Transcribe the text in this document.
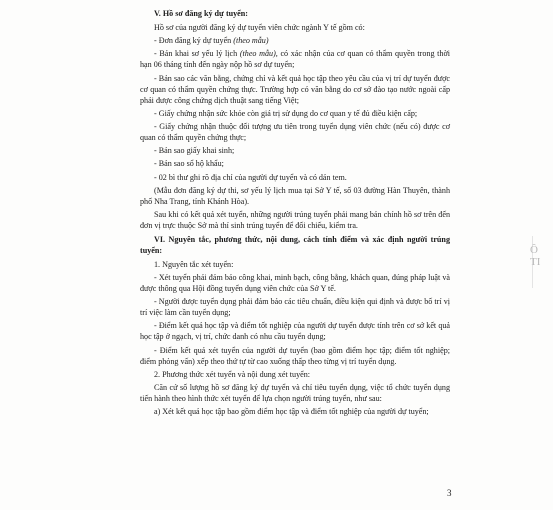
V. Hồ sơ đăng ký dự tuyển:

Hồ sơ của người đăng ký dự tuyển viên chức ngành Y tế gồm có:

- Đơn đăng ký dự tuyển (theo mẫu)

- Bản khai sơ yếu lý lịch (theo mẫu), có xác nhận của cơ quan có thẩm quyền trong thời hạn 06 tháng tính đến ngày nộp hồ sơ dự tuyển;

- Bản sao các văn bằng, chứng chỉ và kết quả học tập theo yêu cầu của vị trí dự tuyển được cơ quan có thẩm quyền chứng thực. Trường hợp có văn bằng do cơ sở đào tạo nước ngoài cấp phải được công chứng dịch thuật sang tiếng Việt;

- Giấy chứng nhận sức khỏe còn giá trị sử dụng do cơ quan y tế đủ điều kiện cấp;

- Giấy chứng nhận thuộc đối tượng ưu tiên trong tuyển dụng viên chức (nếu có) được cơ quan có thẩm quyền chứng thực;

- Bản sao giấy khai sinh;

- Bản sao sổ hộ khẩu;

- 02 bì thư ghi rõ địa chỉ của người dự tuyển và có dán tem.

(Mẫu đơn đăng ký dự thi, sơ yếu lý lịch mua tại Sở Y tế, số 03 đường Hàn Thuyên, thành phố Nha Trang, tỉnh Khánh Hòa).

Sau khi có kết quả xét tuyển, những người trúng tuyển phải mang bản chính hồ sơ trên đến đơn vị trực thuộc Sở mà thí sinh trúng tuyển để đối chiếu, kiểm tra.

VI. Nguyên tắc, phương thức, nội dung, cách tính điểm và xác định người trúng tuyển:

1. Nguyên tắc xét tuyển:

- Xét tuyển phải đảm bảo công khai, minh bạch, công bằng, khách quan, đúng pháp luật và được thông qua Hội đồng tuyển dụng viên chức của Sở Y tế.

- Người được tuyển dụng phải đảm bảo các tiêu chuẩn, điều kiện qui định và được bố trí vị trí việc làm cần tuyển dụng;

- Điểm kết quả học tập và điểm tốt nghiệp của người dự tuyển được tính trên cơ sở kết quả học tập ở ngạch, vị trí, chức danh có nhu cầu tuyển dụng;

- Điểm kết quả xét tuyển của người dự tuyển (bao gồm điểm học tập; điểm tốt nghiệp; điểm phỏng vấn) xếp theo thứ tự từ cao xuống thấp theo từng vị trí tuyển dụng.

2. Phương thức xét tuyển và nội dung xét tuyển:

Căn cứ số lượng hồ sơ đăng ký dự tuyển và chỉ tiêu tuyển dụng, việc tổ chức tuyển dụng tiến hành theo hình thức xét tuyển để lựa chọn người trúng tuyển, như sau:

a) Xét kết quả học tập bao gồm điểm học tập và điểm tốt nghiệp của người dự tuyển;

3
Ô
TI
